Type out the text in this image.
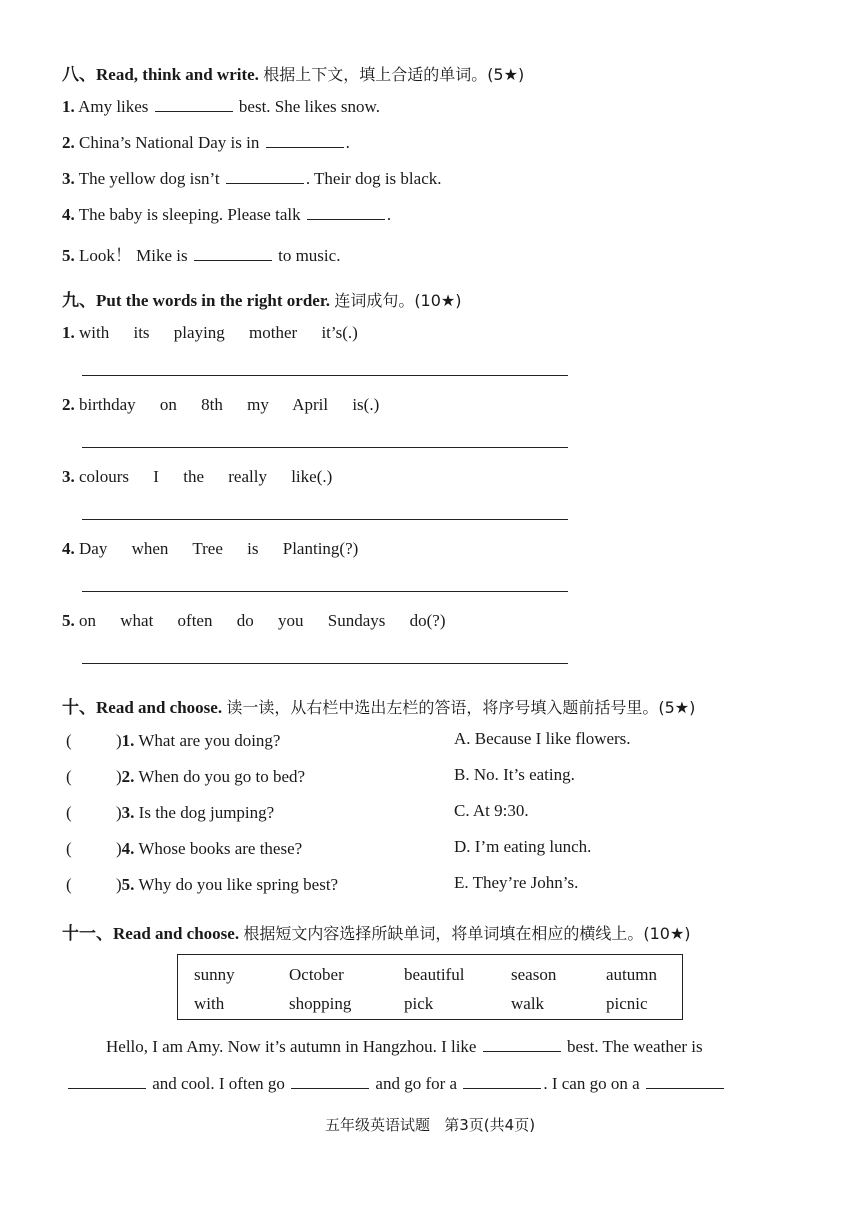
八、Read, think and write. 根据上下文，填上合适的单词。(5★)
1. Amy likes	best. She likes snow.
2. China’s National Day is in	.
3. The yellow dog isn’t	. Their dog is black.
4. The baby is sleeping. Please talk	.
5. Look！ Mike is	to music.
九、Put the words in the right order. 连词成句。(10★)
1. with its playing mother it’s(.)
2. birthday on 8th my April is(.)
3. colours I the really like(.)
4. Day when Tree is Planting(?)
5. on what often do you Sundays do(?)
十、Read and choose. 读一读，从右栏中选出左栏的答语，将序号填入题前括号里。(5★)
(	)1. What are you doing?	A. Because I like flowers.
(	)2. When do you go to bed?	B. No. It’s eating.
(	)3. Is the dog jumping?	C. At 9:30.
(	)4. Whose books are these?	D. I’m eating lunch.
(	)5. Why do you like spring best?	E. They’re John’s.
十一、Read and choose. 根据短文内容选择所缺单词，将单词填在相应的横线上。(10★)
sunny	October	beautiful	season	autumn
with	shopping	pick	walk	picnic
Hello, I am Amy. Now it’s autumn in Hangzhou. I like	best. The weather is
and cool. I often go	and go for a	. I can go on a
五年级英语试题 第3页(共4页)
